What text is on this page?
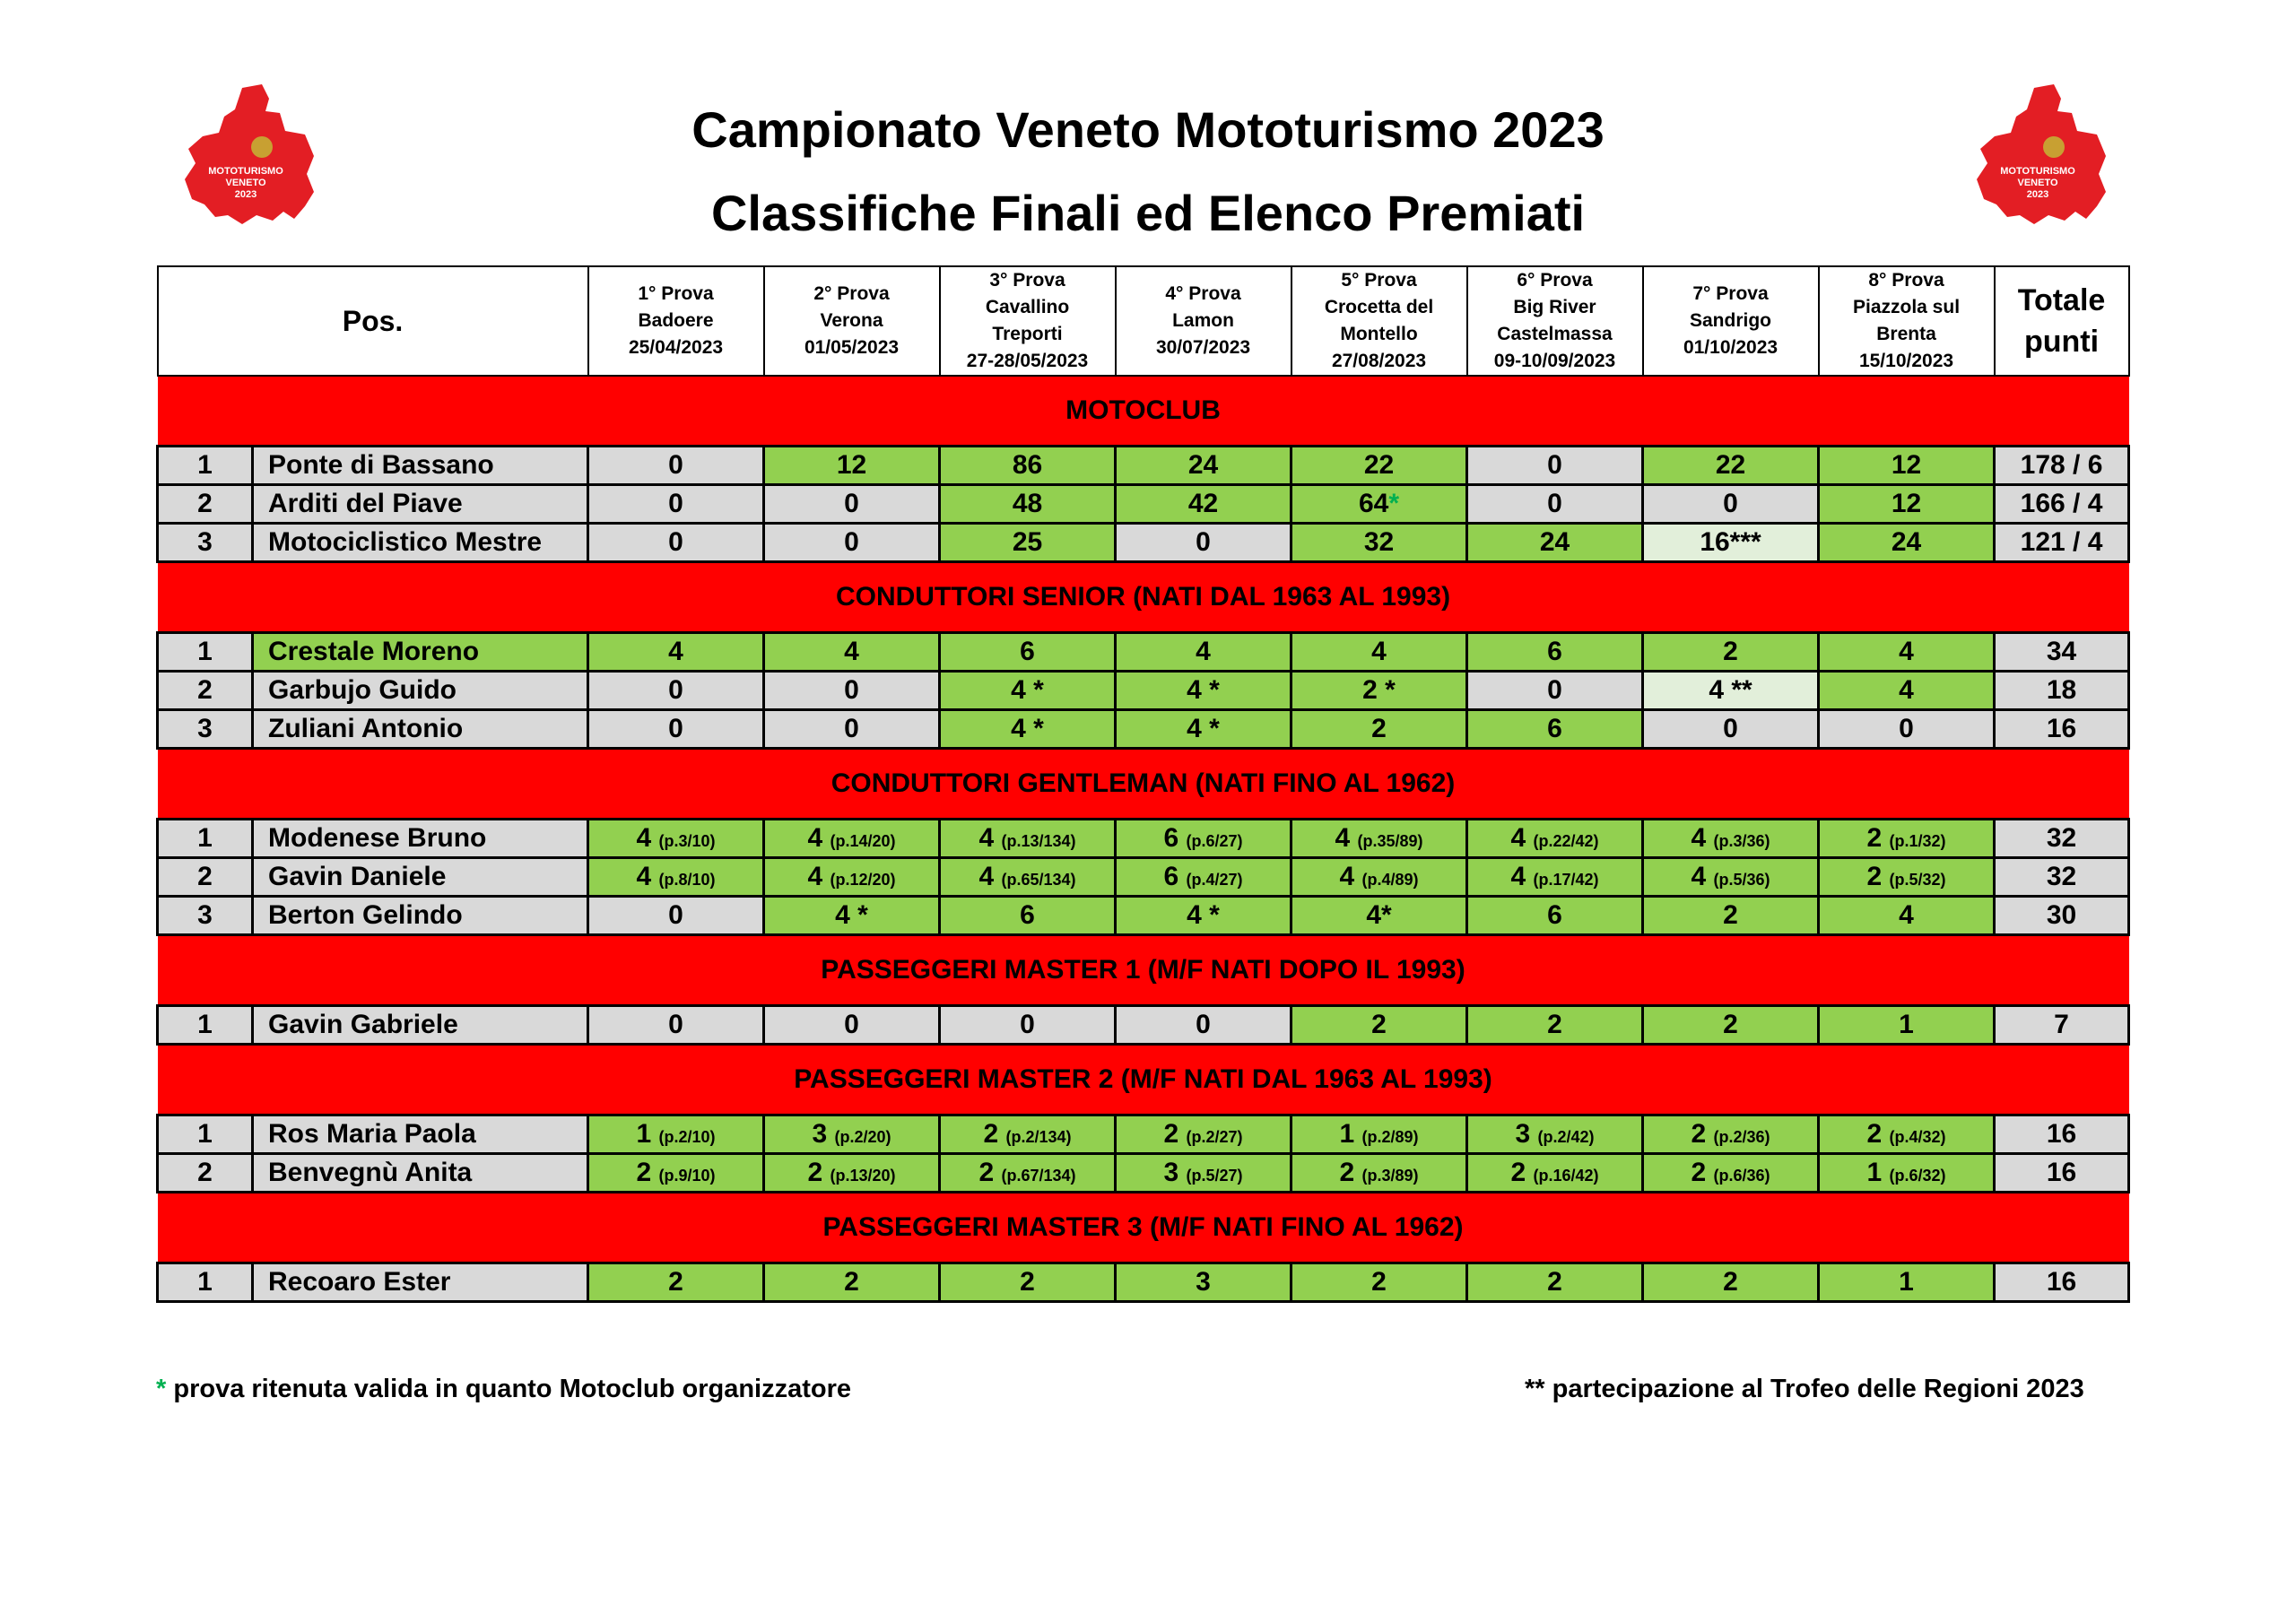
MOTOTURISMO
VENETO
2023
MOTOTURISMO
VENETO
2023
Campionato Veneto Mototurismo 2023
Classifiche Finali ed Elenco Premiati
Pos.		1° Prova
Badoere
25/04/2023	2° Prova
Verona
01/05/2023	3° Prova
Cavallino
Treporti
27-28/05/2023	4° Prova
Lamon
30/07/2023	5° Prova
Crocetta del
Montello
27/08/2023	6° Prova
Big River
Castelmassa
09-10/09/2023	7° Prova
Sandrigo
01/10/2023	8° Prova
Piazzola sul
Brenta
15/10/2023	Totale
punti
MOTOCLUB										
1	Ponte di Bassano	0	12	86	24	22	0	22	12	178 / 6
2	Arditi del Piave	0	0	48	42	64*	0	0	12	166 / 4
3	Motociclistico Mestre	0	0	25	0	32	24	16***	24	121 / 4
CONDUTTORI SENIOR (NATI DAL 1963 AL 1993)										
1	Crestale Moreno	4	4	6	4	4	6	2	4	34
2	Garbujo Guido	0	0	4 *	4 *	2 *	0	4 **	4	18
3	Zuliani Antonio	0	0	4 *	4 *	2	6	0	0	16
CONDUTTORI GENTLEMAN (NATI FINO AL 1962)										
1	Modenese Bruno	4 (p.3/10)	4 (p.14/20)	4 (p.13/134)	6 (p.6/27)	4 (p.35/89)	4 (p.22/42)	4 (p.3/36)	2 (p.1/32)	32
2	Gavin Daniele	4 (p.8/10)	4 (p.12/20)	4 (p.65/134)	6 (p.4/27)	4 (p.4/89)	4 (p.17/42)	4 (p.5/36)	2 (p.5/32)	32
3	Berton Gelindo	0	4 *	6	4 *	4*	6	2	4	30
PASSEGGERI MASTER 1 (M/F NATI DOPO IL 1993)										
1	Gavin Gabriele	0	0	0	0	2	2	2	1	7
PASSEGGERI MASTER 2 (M/F NATI DAL 1963 AL 1993)										
1	Ros Maria Paola	1 (p.2/10)	3 (p.2/20)	2 (p.2/134)	2 (p.2/27)	1 (p.2/89)	3 (p.2/42)	2 (p.2/36)	2 (p.4/32)	16
2	Benvegnù Anita	2 (p.9/10)	2 (p.13/20)	2 (p.67/134)	3 (p.5/27)	2 (p.3/89)	2 (p.16/42)	2 (p.6/36)	1 (p.6/32)	16
PASSEGGERI MASTER 3 (M/F NATI FINO AL 1962)										
1	Recoaro Ester	2	2	2	3	2	2	2	1	16
* prova ritenuta valida in quanto Motoclub organizzatore	** partecipazione al Trofeo delle Regioni 2023
